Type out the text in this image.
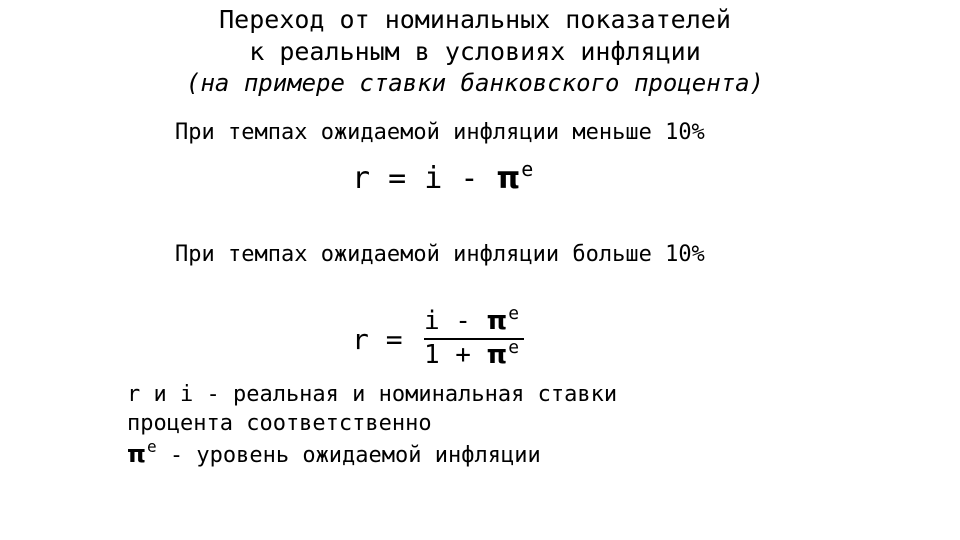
Переход от номинальных показателей
к реальным в условиях инфляции
(на примере ставки банковского процента)
При темпах ожидаемой инфляции меньше 10%
$r = i - \pi^e$
При темпах ожидаемой инфляции больше 10%
r =
i - $\pi^e$
$1 + \pi^e$
r и i - реальная и номинальная ставки
процента соответственно
$\pi^e$ - уровень ожидаемой инфляции
